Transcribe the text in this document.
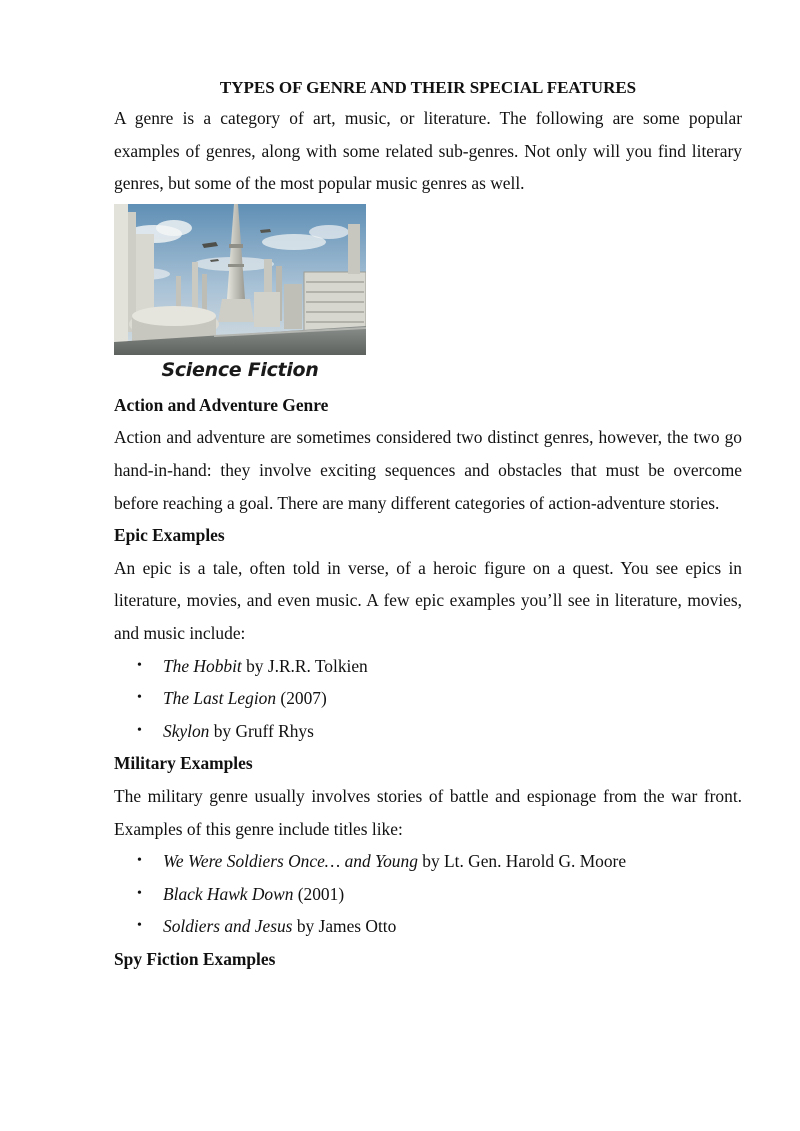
TYPES OF GENRE AND THEIR SPECIAL FEATURES

A genre is a category of art, music, or literature. The following are some popular examples of genres, along with some related sub-genres. Not only will you find literary genres, but some of the most popular music genres as well.

Science Fiction
Action and Adventure Genre

Action and adventure are sometimes considered two distinct genres, however, the two go hand-in-hand: they involve exciting sequences and obstacles that must be overcome before reaching a goal. There are many different categories of action-adventure stories.

Epic Examples

An epic is a tale, often told in verse, of a heroic figure on a quest. You see epics in literature, movies, and even music. A few epic examples you’ll see in literature, movies, and music include:

• The Hobbit by J.R.R. Tolkien
• The Last Legion (2007)
• Skylon by Gruff Rhys
Military Examples

The military genre usually involves stories of battle and espionage from the war front. Examples of this genre include titles like:

• We Were Soldiers Once… and Young by Lt. Gen. Harold G. Moore
• Black Hawk Down (2001)
• Soldiers and Jesus by James Otto
Spy Fiction Examples
